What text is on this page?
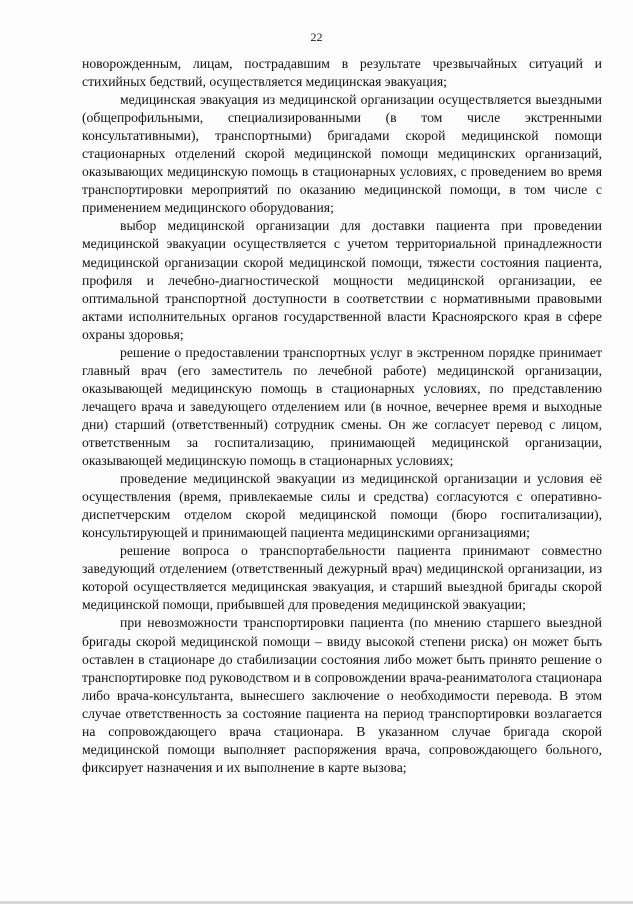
22

новорожденным, лицам, пострадавшим в результате чрезвычайных ситуаций и стихийных бедствий, осуществляется медицинская эвакуация;

медицинская эвакуация из медицинской организации осуществляется выездными (общепрофильными, специализированными (в том числе экстренными консультативными), транспортными) бригадами скорой медицинской помощи стационарных отделений скорой медицинской помощи медицинских организаций, оказывающих медицинскую помощь в стационарных условиях, с проведением во время транспортировки мероприятий по оказанию медицинской помощи, в том числе с применением медицинского оборудования;

выбор медицинской организации для доставки пациента при проведении медицинской эвакуации осуществляется с учетом территориальной принадлежности медицинской организации скорой медицинской помощи, тяжести состояния пациента, профиля и лечебно-диагностической мощности медицинской организации, ее оптимальной транспортной доступности в соответствии с нормативными правовыми актами исполнительных органов государственной власти Красноярского края в сфере охраны здоровья;

решение о предоставлении транспортных услуг в экстренном порядке принимает главный врач (его заместитель по лечебной работе) медицинской организации, оказывающей медицинскую помощь в стационарных условиях, по представлению лечащего врача и заведующего отделением или (в ночное, вечернее время и выходные дни) старший (ответственный) сотрудник смены. Он же согласует перевод с лицом, ответственным за госпитализацию, принимающей медицинской организации, оказывающей медицинскую помощь в стационарных условиях;

проведение медицинской эвакуации из медицинской организации и условия её осуществления (время, привлекаемые силы и средства) согласуются с оперативно-диспетчерским отделом скорой медицинской помощи (бюро госпитализации), консультирующей и принимающей пациента медицинскими организациями;

решение вопроса о транспортабельности пациента принимают совместно заведующий отделением (ответственный дежурный врач) медицинской организации, из которой осуществляется медицинская эвакуация, и старший выездной бригады скорой медицинской помощи, прибывшей для проведения медицинской эвакуации;

при невозможности транспортировки пациента (по мнению старшего выездной бригады скорой медицинской помощи – ввиду высокой степени риска) он может быть оставлен в стационаре до стабилизации состояния либо может быть принято решение о транспортировке под руководством и в сопровождении врача-реаниматолога стационара либо врача-консультанта, вынесшего заключение о необходимости перевода. В этом случае ответственность за состояние пациента на период транспортировки возлагается на сопровождающего врача стационара. В указанном случае бригада скорой медицинской помощи выполняет распоряжения врача, сопровождающего больного, фиксирует назначения и их выполнение в карте вызова;
